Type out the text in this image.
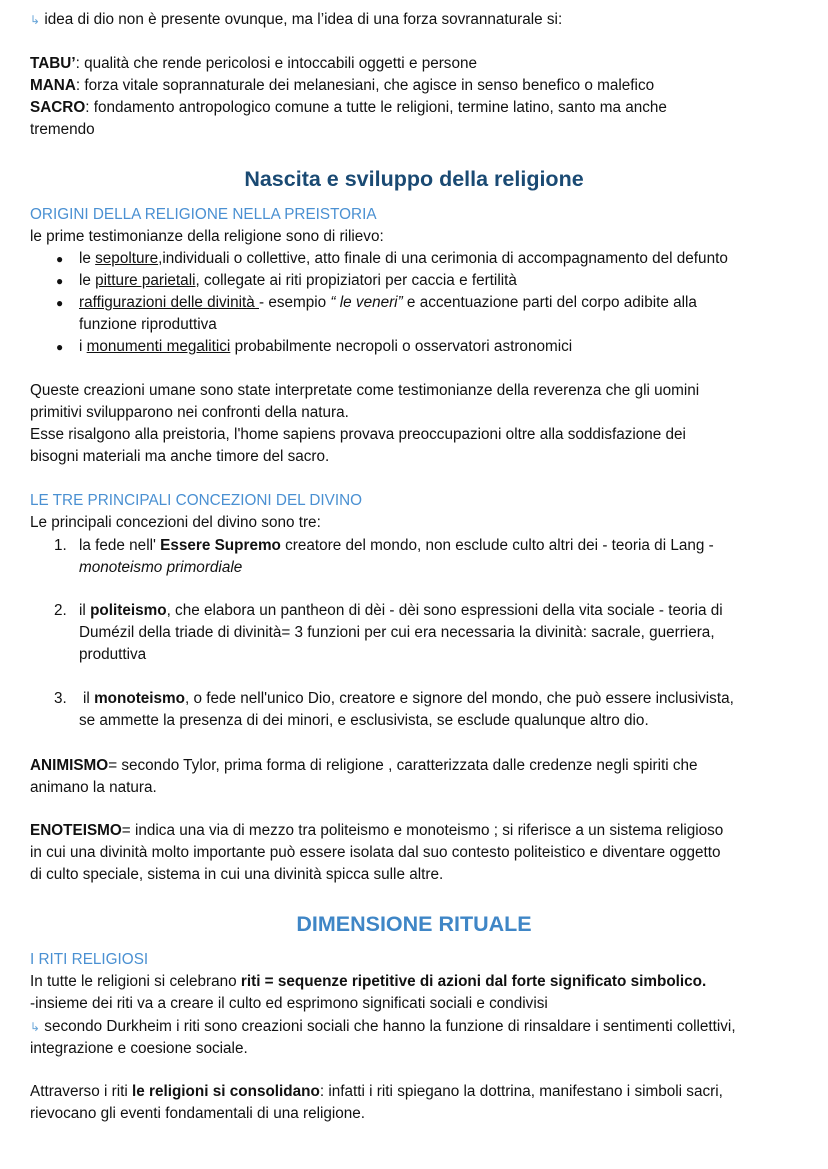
↳ idea di dio non è presente ovunque, ma l’idea di una forza sovrannaturale si:
TABU’: qualità che rende pericolosi e intoccabili oggetti e persone
MANA: forza vitale soprannaturale dei melanesiani, che agisce in senso benefico o malefico
SACRO: fondamento antropologico comune a tutte le religioni, termine latino, santo ma anche
tremendo
Nascita e sviluppo della religione
ORIGINI DELLA RELIGIONE NELLA PREISTORIA
le prime testimonianze della religione sono di rilievo:
● le sepolture,individuali o collettive, atto finale di una cerimonia di accompagnamento del defunto
● le pitture parietali, collegate ai riti propiziatori per caccia e fertilità
● raffigurazioni delle divinità - esempio “ le veneri” e accentuazione parti del corpo adibite alla
funzione riproduttiva
● i monumenti megalitici probabilmente necropoli o osservatori astronomici
Queste creazioni umane sono state interpretate come testimonianze della reverenza che gli uomini
primitivi svilupparono nei confronti della natura.
Esse risalgono alla preistoria, l'home sapiens provava preoccupazioni oltre alla soddisfazione dei
bisogni materiali ma anche timore del sacro.
LE TRE PRINCIPALI CONCEZIONI DEL DIVINO
Le principali concezioni del divino sono tre:
1. la fede nell' Essere Supremo creatore del mondo, non esclude culto altri dei - teoria di Lang -
monoteismo primordiale
2. il politeismo, che elabora un pantheon di dèi - dèi sono espressioni della vita sociale - teoria di
Dumézil della triade di divinità= 3 funzioni per cui era necessaria la divinità: sacrale, guerriera,
produttiva
3. il monoteismo, o fede nell'unico Dio, creatore e signore del mondo, che può essere inclusivista,
se ammette la presenza di dei minori, e esclusivista, se esclude qualunque altro dio.
ANIMISMO= secondo Tylor, prima forma di religione , caratterizzata dalle credenze negli spiriti che
animano la natura.
ENOTEISMO= indica una via di mezzo tra politeismo e monoteismo ; si riferisce a un sistema religioso
in cui una divinità molto importante può essere isolata dal suo contesto politeistico e diventare oggetto
di culto speciale, sistema in cui una divinità spicca sulle altre.
DIMENSIONE RITUALE
I RITI RELIGIOSI
In tutte le religioni si celebrano riti = sequenze ripetitive di azioni dal forte significato simbolico.
-insieme dei riti va a creare il culto ed esprimono significati sociali e condivisi
↳ secondo Durkheim i riti sono creazioni sociali che hanno la funzione di rinsaldare i sentimenti collettivi,
integrazione e coesione sociale.
Attraverso i riti le religioni si consolidano: infatti i riti spiegano la dottrina, manifestano i simboli sacri,
rievocano gli eventi fondamentali di una religione.
